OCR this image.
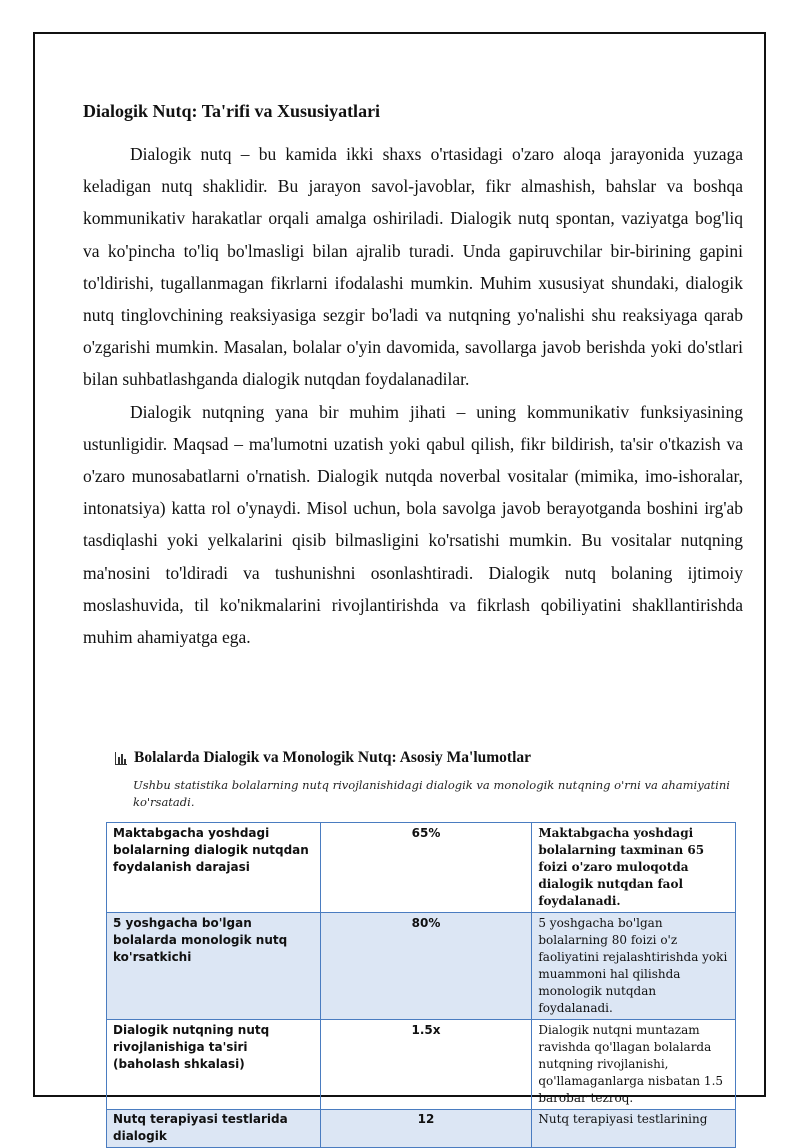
Dialogik Nutq: Ta'rifi va Xususiyatlari

Dialogik nutq – bu kamida ikki shaxs o'rtasidagi o'zaro aloqa jarayonida yuzaga keladigan nutq shaklidir. Bu jarayon savol-javoblar, fikr almashish, bahslar va boshqa kommunikativ harakatlar orqali amalga oshiriladi. Dialogik nutq spontan, vaziyatga bog'liq va ko'pincha to'liq bo'lmasligi bilan ajralib turadi. Unda gapiruvchilar bir-birining gapini to'ldirishi, tugallanmagan fikrlarni ifodalashi mumkin. Muhim xususiyat shundaki, dialogik nutq tinglovchining reaksiyasiga sezgir bo'ladi va nutqning yo'nalishi shu reaksiyaga qarab o'zgarishi mumkin. Masalan, bolalar o'yin davomida, savollarga javob berishda yoki do'stlari bilan suhbatlashganda dialogik nutqdan foydalanadilar.

Dialogik nutqning yana bir muhim jihati – uning kommunikativ funksiyasining ustunligidir. Maqsad – ma'lumotni uzatish yoki qabul qilish, fikr bildirish, ta'sir o'tkazish va o'zaro munosabatlarni o'rnatish. Dialogik nutqda noverbal vositalar (mimika, imo-ishoralar, intonatsiya) katta rol o'ynaydi. Misol uchun, bola savolga javob berayotganda boshini irg'ab tasdiqlashi yoki yelkalarini qisib bilmasligini ko'rsatishi mumkin. Bu vositalar nutqning ma'nosini to'ldiradi va tushunishni osonlashtiradi. Dialogik nutq bolaning ijtimoiy moslashuvida, til ko'nikmalarini rivojlantirishda va fikrlash qobiliyatini shakllantirishda muhim ahamiyatga ega.

Bolalarda Dialogik va Monologik Nutq: Asosiy Ma'lumotlar
Ushbu statistika bolalarning nutq rivojlanishidagi dialogik va monologik nutqning o'rni va ahamiyatini ko'rsatadi.
Maktabgacha yoshdagi bolalarning dialogik nutqdan foydalanish darajasi	65%	Maktabgacha yoshdagi bolalarning taxminan 65 foizi o'zaro muloqotda dialogik nutqdan faol foydalanadi.
5 yoshgacha bo'lgan bolalarda monologik nutq ko'rsatkichi	80%	5 yoshgacha bo'lgan bolalarning 80 foizi o'z faoliyatini rejalashtirishda yoki muammoni hal qilishda monologik nutqdan foydalanadi.
Dialogik nutqning nutq rivojlanishiga ta'siri (baholash shkalasi)	1.5x	Dialogik nutqni muntazam ravishda qo'llagan bolalarda nutqning rivojlanishi, qo'llamaganlarga nisbatan 1.5 barobar tezroq.
Nutq terapiyasi testlarida dialogik	12	Nutq terapiyasi testlarining
